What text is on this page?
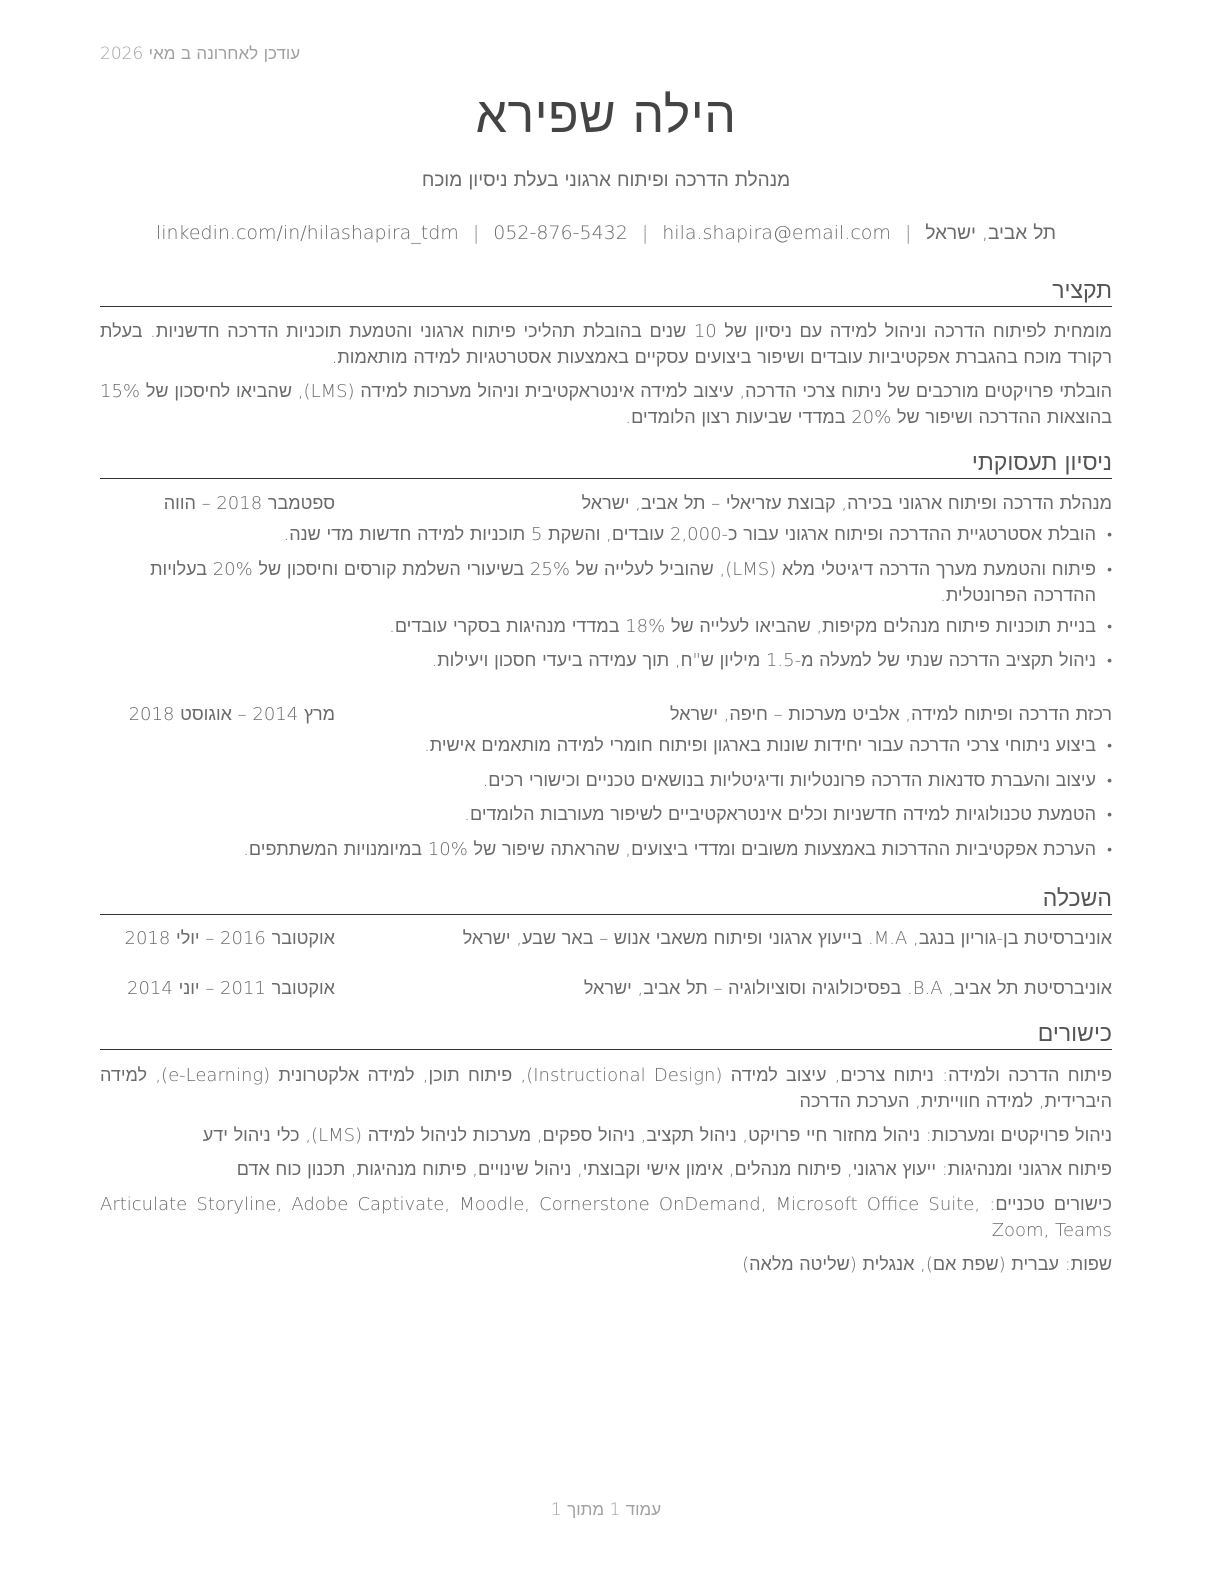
עודכן לאחרונה ב מאי 2026
הילה שפירא
מנהלת הדרכה ופיתוח ארגוני בעלת ניסיון מוכח
תל אביב, ישראל|hila.shapira@email.com|052-876-5432|linkedin.com/in/hilashapira_tdm
תקציר
מומחית לפיתוח הדרכה וניהול למידה עם ניסיון של 10 שנים בהובלת תהליכי פיתוח ארגוני והטמעת תוכניות הדרכה חדשניות. בעלת רקורד מוכח בהגברת אפקטיביות עובדים ושיפור ביצועים עסקיים באמצעות אסטרטגיות למידה מותאמות.
הובלתי פרויקטים מורכבים של ניתוח צרכי הדרכה, עיצוב למידה אינטראקטיבית וניהול מערכות למידה (LMS), שהביאו לחיסכון של 15% בהוצאות ההדרכה ושיפור של 20% במדדי שביעות רצון הלומדים.
ניסיון תעסוקתי
מנהלת הדרכה ופיתוח ארגוני בכירה, קבוצת עזריאלי – תל אביב, ישראל
ספטמבר 2018 – הווה
• הובלת אסטרטגיית ההדרכה ופיתוח ארגוני עבור כ-2,000 עובדים, והשקת 5 תוכניות למידה חדשות מדי שנה.
• פיתוח והטמעת מערך הדרכה דיגיטלי מלא (LMS), שהוביל לעלייה של 25% בשיעורי השלמת קורסים וחיסכון של 20% בעלויות ההדרכה הפרונטלית.
• בניית תוכניות פיתוח מנהלים מקיפות, שהביאו לעלייה של 18% במדדי מנהיגות בסקרי עובדים.
• ניהול תקציב הדרכה שנתי של למעלה מ-1.5 מיליון ש"ח, תוך עמידה ביעדי חסכון ויעילות.
רכזת הדרכה ופיתוח למידה, אלביט מערכות – חיפה, ישראל
מרץ 2014 – אוגוסט 2018
• ביצוע ניתוחי צרכי הדרכה עבור יחידות שונות בארגון ופיתוח חומרי למידה מותאמים אישית.
• עיצוב והעברת סדנאות הדרכה פרונטליות ודיגיטליות בנושאים טכניים וכישורי רכים.
• הטמעת טכנולוגיות למידה חדשניות וכלים אינטראקטיביים לשיפור מעורבות הלומדים.
• הערכת אפקטיביות ההדרכות באמצעות משובים ומדדי ביצועים, שהראתה שיפור של 10% במיומנויות המשתתפים.
השכלה
אוניברסיטת בן-גוריון בנגב, M.A. בייעוץ ארגוני ופיתוח משאבי אנוש – באר שבע, ישראל
אוקטובר 2016 – יולי 2018
אוניברסיטת תל אביב, B.A. בפסיכולוגיה וסוציולוגיה – תל אביב, ישראל
אוקטובר 2011 – יוני 2014
כישורים
פיתוח הדרכה ולמידה: ניתוח צרכים, עיצוב למידה (Instructional Design), פיתוח תוכן, למידה אלקטרונית (e-Learning), למידה היברידית, למידה חווייתית, הערכת הדרכה
ניהול פרויקטים ומערכות: ניהול מחזור חיי פרויקט, ניהול תקציב, ניהול ספקים, מערכות לניהול למידה (LMS), כלי ניהול ידע
פיתוח ארגוני ומנהיגות: ייעוץ ארגוני, פיתוח מנהלים, אימון אישי וקבוצתי, ניהול שינויים, פיתוח מנהיגות, תכנון כוח אדם
כישורים טכניים: Articulate Storyline, Adobe Captivate, Moodle, Cornerstone OnDemand, Microsoft Office Suite, Zoom, Teams
שפות: עברית (שפת אם), אנגלית (שליטה מלאה)
עמוד 1 מתוך 1
